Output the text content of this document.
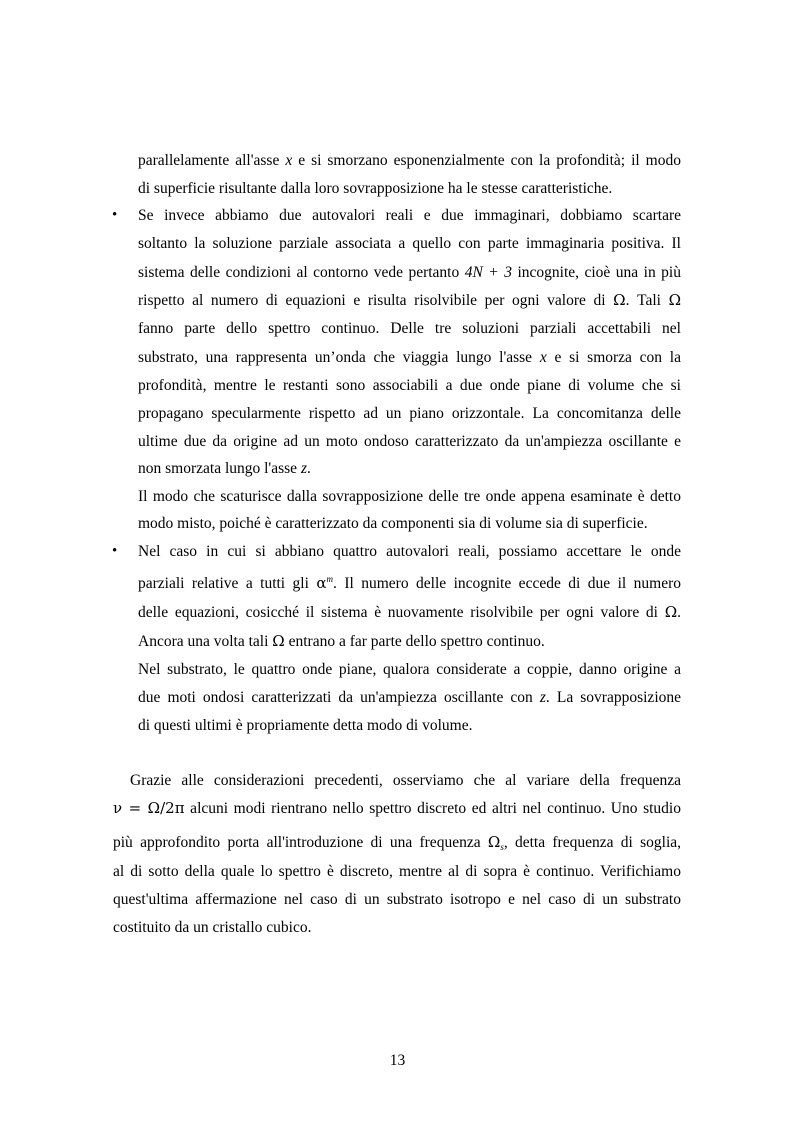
parallelamente all'asse x e si smorzano esponenzialmente con la profondità; il modo
di superficie risultante dalla loro sovrapposizione ha le stesse caratteristiche.
• Se invece abbiamo due autovalori reali e due immaginari, dobbiamo scartare
soltanto la soluzione parziale associata a quello con parte immaginaria positiva. Il
sistema delle condizioni al contorno vede pertanto 4N + 3 incognite, cioè una in più
rispetto al numero di equazioni e risulta risolvibile per ogni valore di Ω. Tali Ω
fanno parte dello spettro continuo. Delle tre soluzioni parziali accettabili nel
substrato, una rappresenta un’onda che viaggia lungo l'asse x e si smorza con la
profondità, mentre le restanti sono associabili a due onde piane di volume che si
propagano specularmente rispetto ad un piano orizzontale. La concomitanza delle
ultime due da origine ad un moto ondoso caratterizzato da un'ampiezza oscillante e
non smorzata lungo l'asse z.
Il modo che scaturisce dalla sovrapposizione delle tre onde appena esaminate è detto
modo misto, poiché è caratterizzato da componenti sia di volume sia di superficie.
• Nel caso in cui si abbiano quattro autovalori reali, possiamo accettare le onde
parziali relative a tutti gli $\alpha^m$. Il numero delle incognite eccede di due il numero
delle equazioni, cosicché il sistema è nuovamente risolvibile per ogni valore di Ω.
Ancora una volta tali Ω entrano a far parte dello spettro continuo.
Nel substrato, le quattro onde piane, qualora considerate a coppie, danno origine a
due moti ondosi caratterizzati da un'ampiezza oscillante con z. La sovrapposizione
di questi ultimi è propriamente detta modo di volume.
Grazie alle considerazioni precedenti, osserviamo che al variare della frequenza
ν = Ω/2π alcuni modi rientrano nello spettro discreto ed altri nel continuo. Uno studio
più approfondito porta all'introduzione di una frequenza $\Omega_s$, detta frequenza di soglia,
al di sotto della quale lo spettro è discreto, mentre al di sopra è continuo. Verifichiamo
quest'ultima affermazione nel caso di un substrato isotropo e nel caso di un substrato
costituito da un cristallo cubico.
13
